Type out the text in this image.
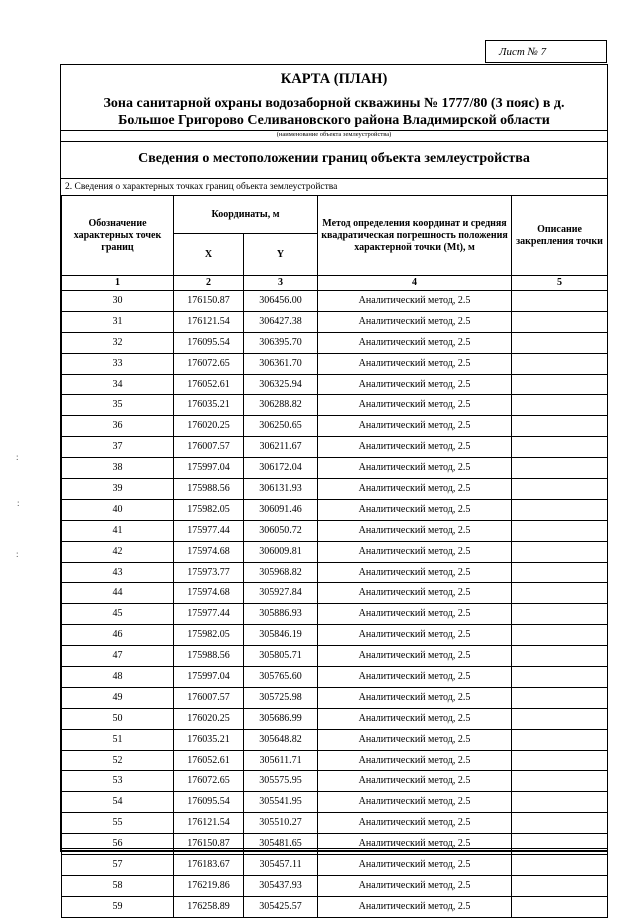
Лист № 7
КАРТА (ПЛАН)
Зона санитарной охраны водозаборной скважины № 1777/80 (3 пояс) в д.
Большое Григорово Селивановского района Владимирской области
(наименование объекта землеустройства)
Сведения о местоположении границ объекта землеустройства
2. Сведения о характерных точках границ объекта землеустройства
Обозначение характерных точек границ	Координаты, м		Метод определения координат и средняя квадратическая погрешность положения характерной точки (Mt), м	Описание закрепления точки
	X	Y		
1	2	3	4	5
30	176150.87	306456.00	Аналитический метод, 2.5	
31	176121.54	306427.38	Аналитический метод, 2.5	
32	176095.54	306395.70	Аналитический метод, 2.5	
33	176072.65	306361.70	Аналитический метод, 2.5	
34	176052.61	306325.94	Аналитический метод, 2.5	
35	176035.21	306288.82	Аналитический метод, 2.5	
36	176020.25	306250.65	Аналитический метод, 2.5	
37	176007.57	306211.67	Аналитический метод, 2.5	
38	175997.04	306172.04	Аналитический метод, 2.5	
39	175988.56	306131.93	Аналитический метод, 2.5	
40	175982.05	306091.46	Аналитический метод, 2.5	
41	175977.44	306050.72	Аналитический метод, 2.5	
42	175974.68	306009.81	Аналитический метод, 2.5	
43	175973.77	305968.82	Аналитический метод, 2.5	
44	175974.68	305927.84	Аналитический метод, 2.5	
45	175977.44	305886.93	Аналитический метод, 2.5	
46	175982.05	305846.19	Аналитический метод, 2.5	
47	175988.56	305805.71	Аналитический метод, 2.5	
48	175997.04	305765.60	Аналитический метод, 2.5	
49	176007.57	305725.98	Аналитический метод, 2.5	
50	176020.25	305686.99	Аналитический метод, 2.5	
51	176035.21	305648.82	Аналитический метод, 2.5	
52	176052.61	305611.71	Аналитический метод, 2.5	
53	176072.65	305575.95	Аналитический метод, 2.5	
54	176095.54	305541.95	Аналитический метод, 2.5	
55	176121.54	305510.27	Аналитический метод, 2.5	
56	176150.87	305481.65	Аналитический метод, 2.5	
57	176183.67	305457.11	Аналитический метод, 2.5	
58	176219.86	305437.93	Аналитический метод, 2.5	
59	176258.89	305425.57	Аналитический метод, 2.5	
:
:
:
